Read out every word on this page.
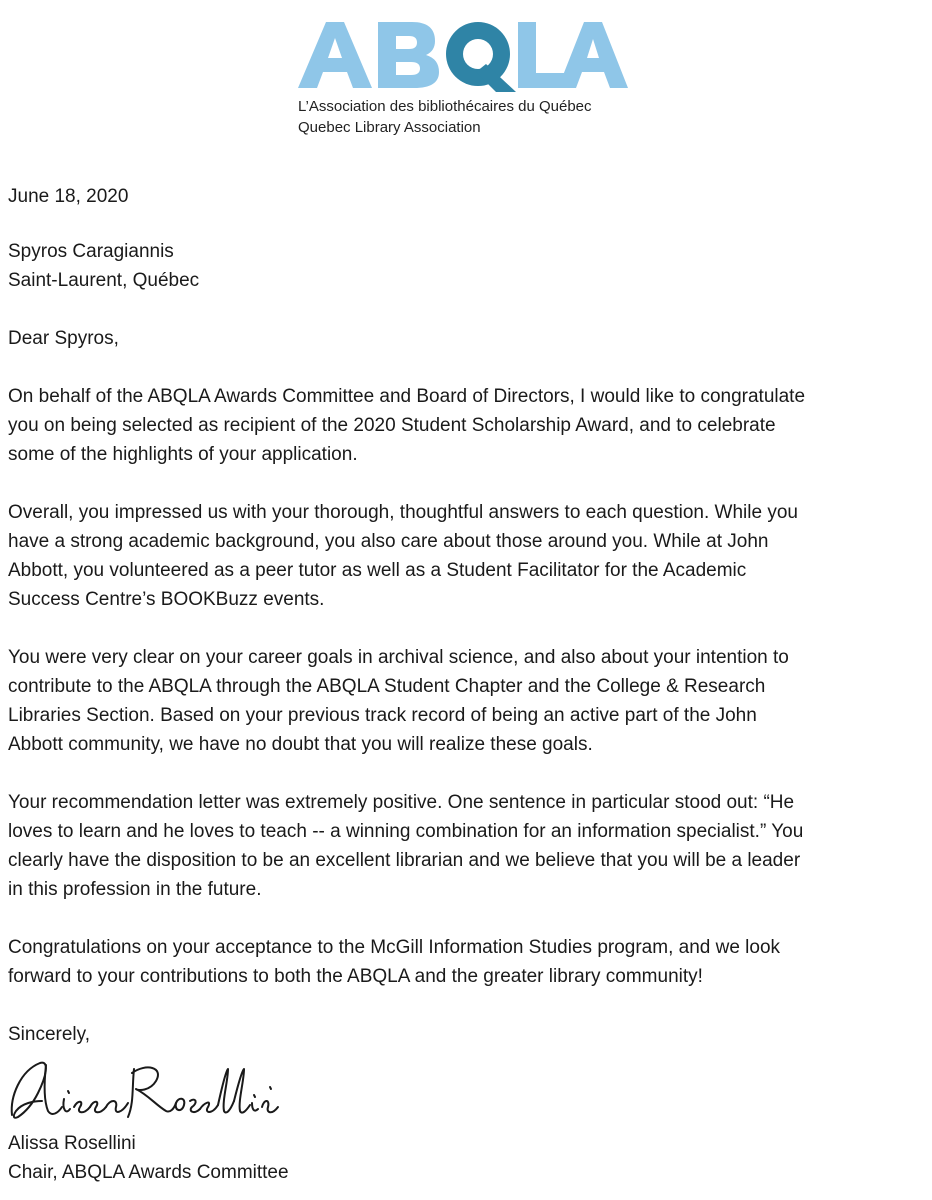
L’Association des bibliothécaires du Québec
Quebec Library Association

June 18, 2020

Spyros Caragiannis

Saint-Laurent, Québec

Dear Spyros,

On behalf of the ABQLA Awards Committee and Board of Directors, I would like to congratulate

you on being selected as recipient of the 2020 Student Scholarship Award, and to celebrate

some of the highlights of your application.

Overall, you impressed us with your thorough, thoughtful answers to each question. While you

have a strong academic background, you also care about those around you. While at John

Abbott, you volunteered as a peer tutor as well as a Student Facilitator for the Academic

Success Centre’s BOOKBuzz events.

You were very clear on your career goals in archival science, and also about your intention to

contribute to the ABQLA through the ABQLA Student Chapter and the College & Research

Libraries Section. Based on your previous track record of being an active part of the John

Abbott community, we have no doubt that you will realize these goals.

Your recommendation letter was extremely positive. One sentence in particular stood out: “He

loves to learn and he loves to teach -- a winning combination for an information specialist.” You

clearly have the disposition to be an excellent librarian and we believe that you will be a leader

in this profession in the future.

Congratulations on your acceptance to the McGill Information Studies program, and we look

forward to your contributions to both the ABQLA and the greater library community!

Sincerely,

Alissa Rosellini

Chair, ABQLA Awards Committee
